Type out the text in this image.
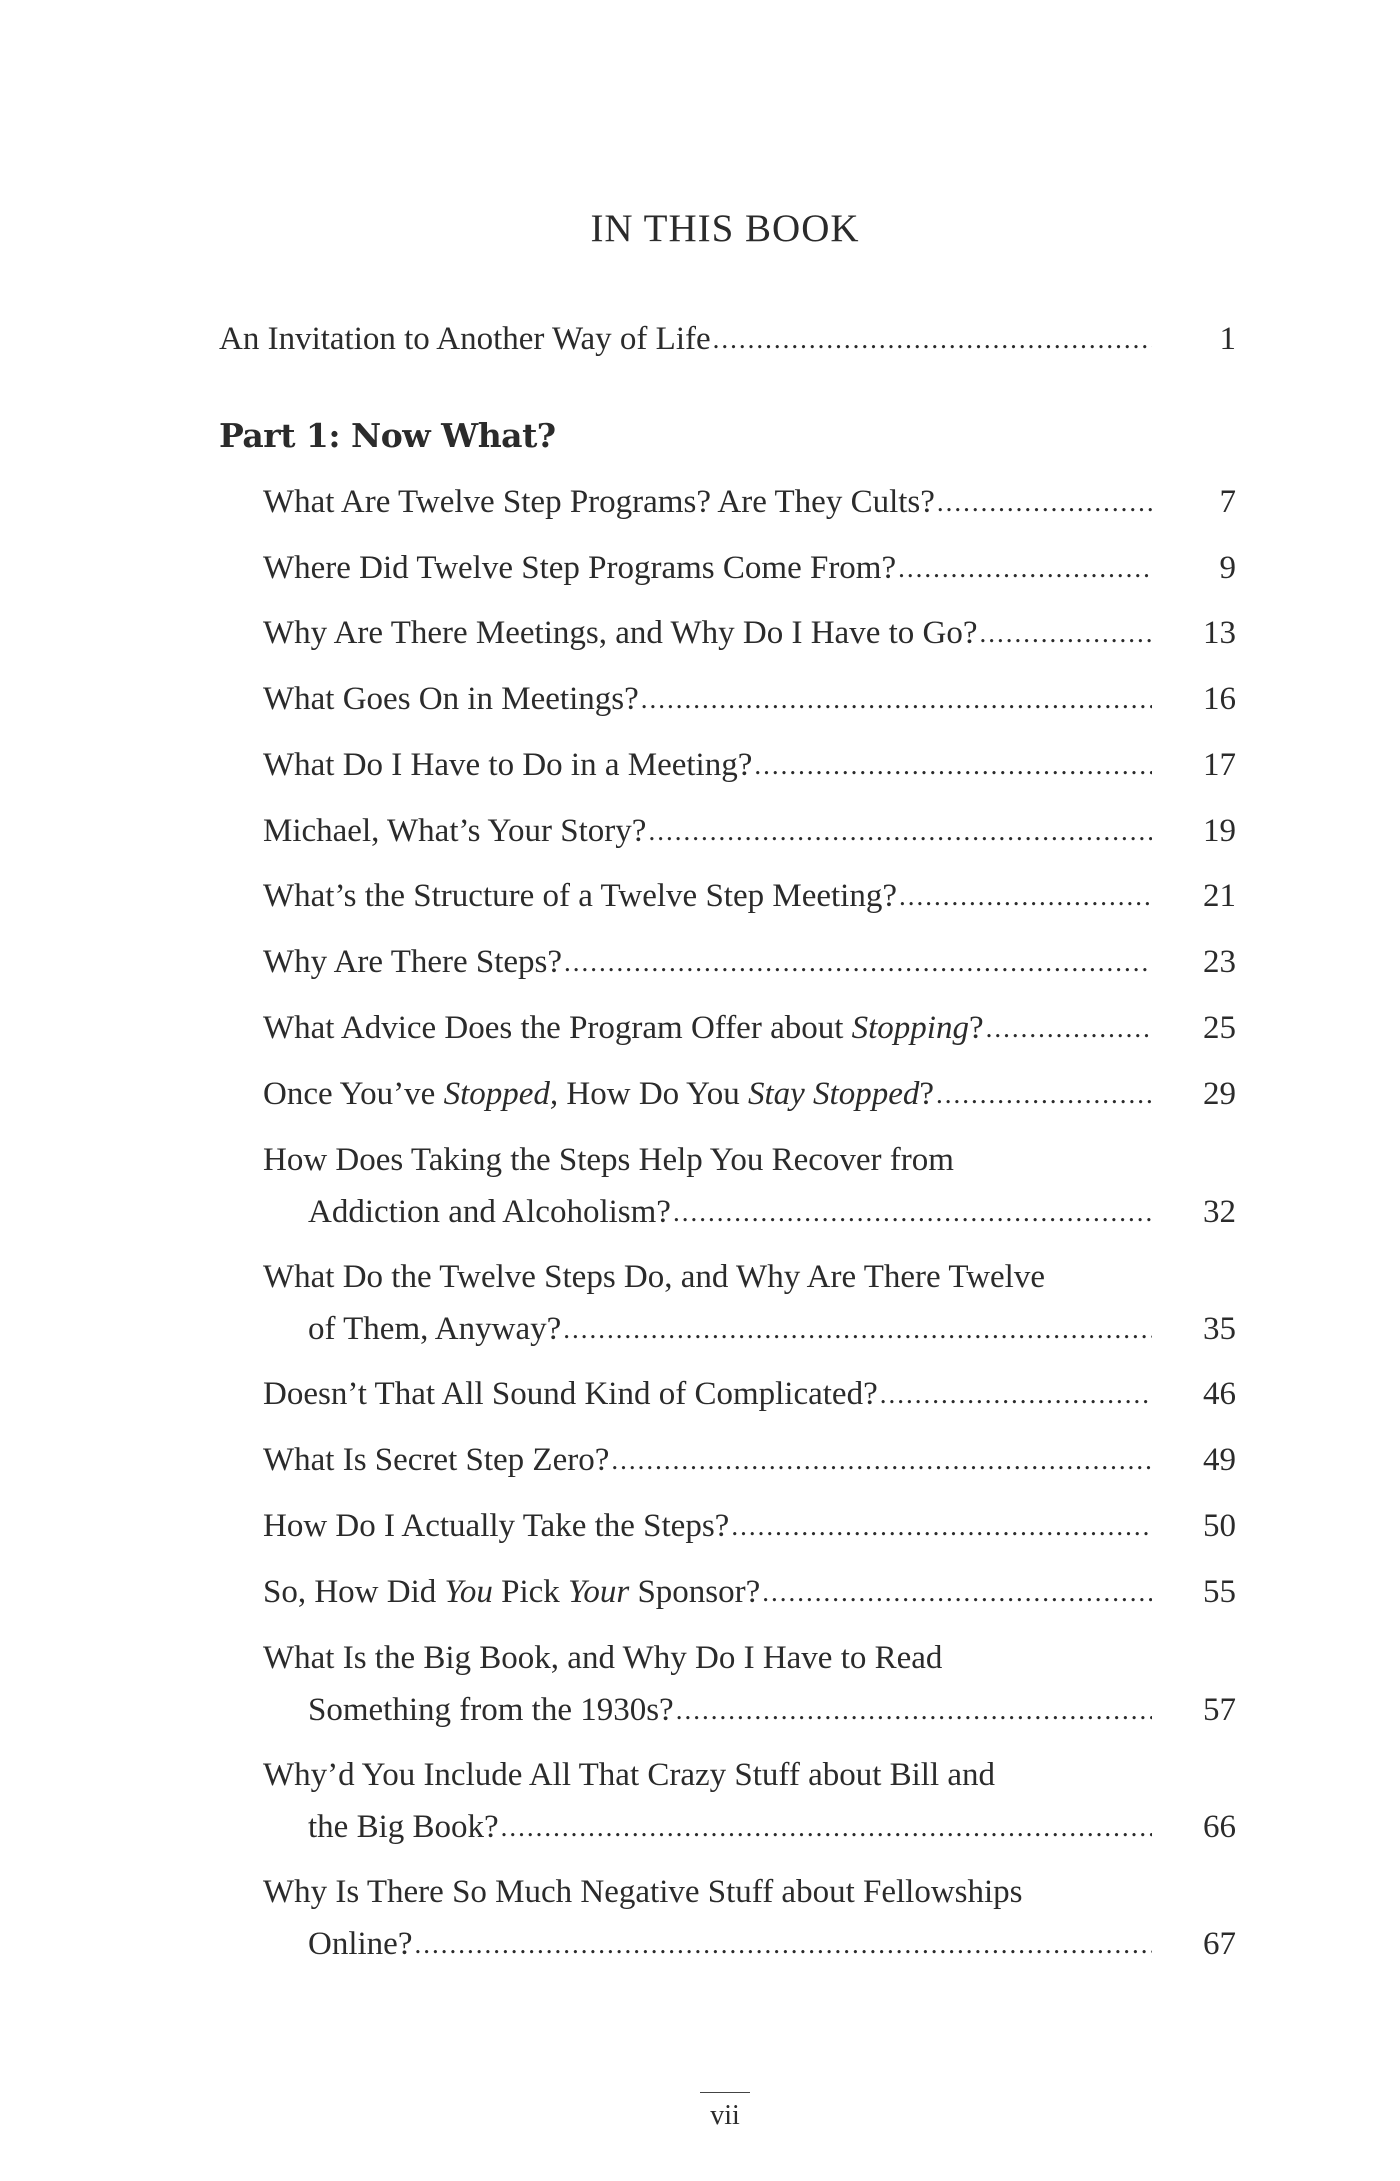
IN THIS BOOK
An Invitation to Another Way of Life .....	1
Part 1: Now What?
What Are Twelve Step Programs? Are They Cults? .....	7
Where Did Twelve Step Programs Come From? .....	9
Why Are There Meetings, and Why Do I Have to Go? .....	13
What Goes On in Meetings? .....	16
What Do I Have to Do in a Meeting? .....	17
Michael, What’s Your Story? .....	19
What’s the Structure of a Twelve Step Meeting? .....	21
Why Are There Steps? .....	23
What Advice Does the Program Offer about Stopping? .....	25
Once You’ve Stopped, How Do You Stay Stopped? .....	29
How Does Taking the Steps Help You Recover from
Addiction and Alcoholism? .....	32
What Do the Twelve Steps Do, and Why Are There Twelve
of Them, Anyway? .....	35
Doesn’t That All Sound Kind of Complicated? .....	46
What Is Secret Step Zero? .....	49
How Do I Actually Take the Steps? .....	50
So, How Did You Pick Your Sponsor? .....	55
What Is the Big Book, and Why Do I Have to Read
Something from the 1930s? .....	57
Why’d You Include All That Crazy Stuff about Bill and
the Big Book? .....	66
Why Is There So Much Negative Stuff about Fellowships
Online? .....	67
vii
